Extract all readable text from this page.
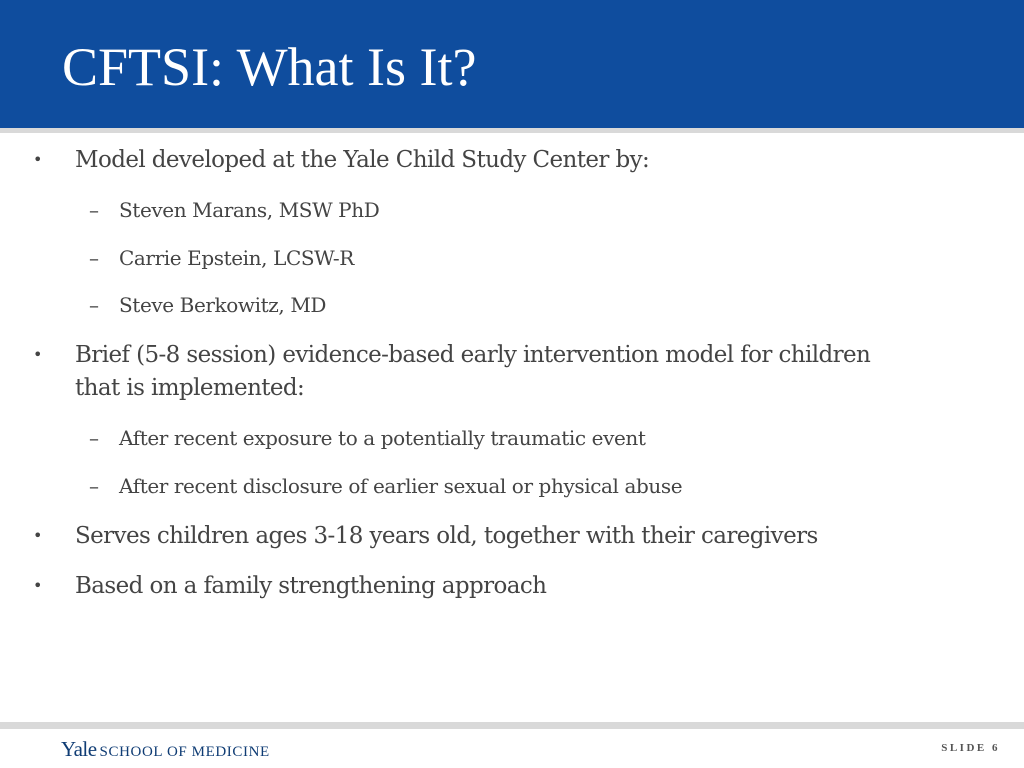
CFTSI: What Is It?
• Model developed at the Yale Child Study Center by:
– Steven Marans, MSW PhD
– Carrie Epstein, LCSW-R
– Steve Berkowitz, MD
• Brief (5-8 session) evidence-based early intervention model for children
that is implemented:
– After recent exposure to a potentially traumatic event
– After recent disclosure of earlier sexual or physical abuse
• Serves children ages 3-18 years old, together with their caregivers
• Based on a family strengthening approach
Yale SCHOOL OF MEDICINE	SLIDE 6
